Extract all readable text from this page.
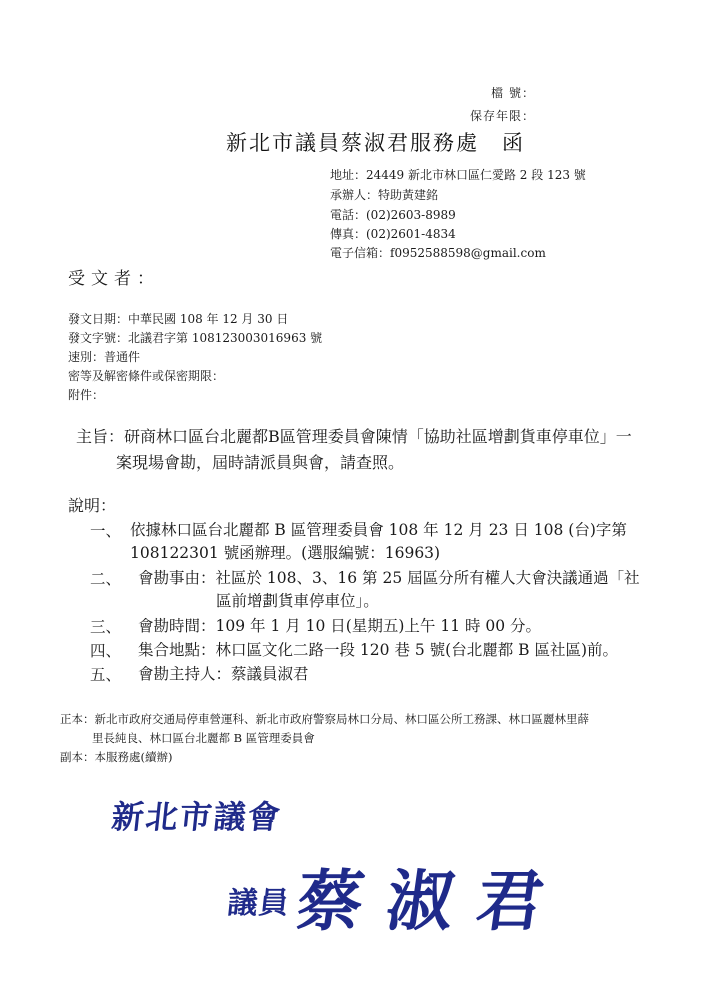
檔 號：
保存年限：
新北市議員蔡淑君服務處　函
地址：24449 新北市林口區仁愛路 2 段 123 號
承辦人：特助黃建銘
電話：(02)2603-8989
傳真：(02)2601-4834
電子信箱：f0952588598@gmail.com
受文者：
發文日期：中華民國 108 年 12 月 30 日
發文字號：北議君字第 108123003016963 號
速別：普通件
密等及解密條件或保密期限：
附件：
主旨：研商林口區台北麗都B區管理委員會陳情「協助社區增劃貨車停車位」一
案現場會勘，屆時請派員與會，請查照。
說明：
一、 依據林口區台北麗都 B 區管理委員會 108 年 12 月 23 日 108 (台)字第
108122301 號函辦理。(選服編號：16963)
二、 會勘事由：社區於 108、3、16 第 25 屆區分所有權人大會決議通過「社
區前增劃貨車停車位」。
三、 會勘時間：109 年 1 月 10 日(星期五)上午 11 時 00 分。
四、 集合地點：林口區文化二路一段 120 巷 5 號(台北麗都 B 區社區)前。
五、 會勘主持人：蔡議員淑君
正本：新北市政府交通局停車營運科、新北市政府警察局林口分局、林口區公所工務課、林口區麗林里薛
里長純良、林口區台北麗都 B 區管理委員會
副本：本服務處(續辦)
新北市議會
議員 蔡淑君
